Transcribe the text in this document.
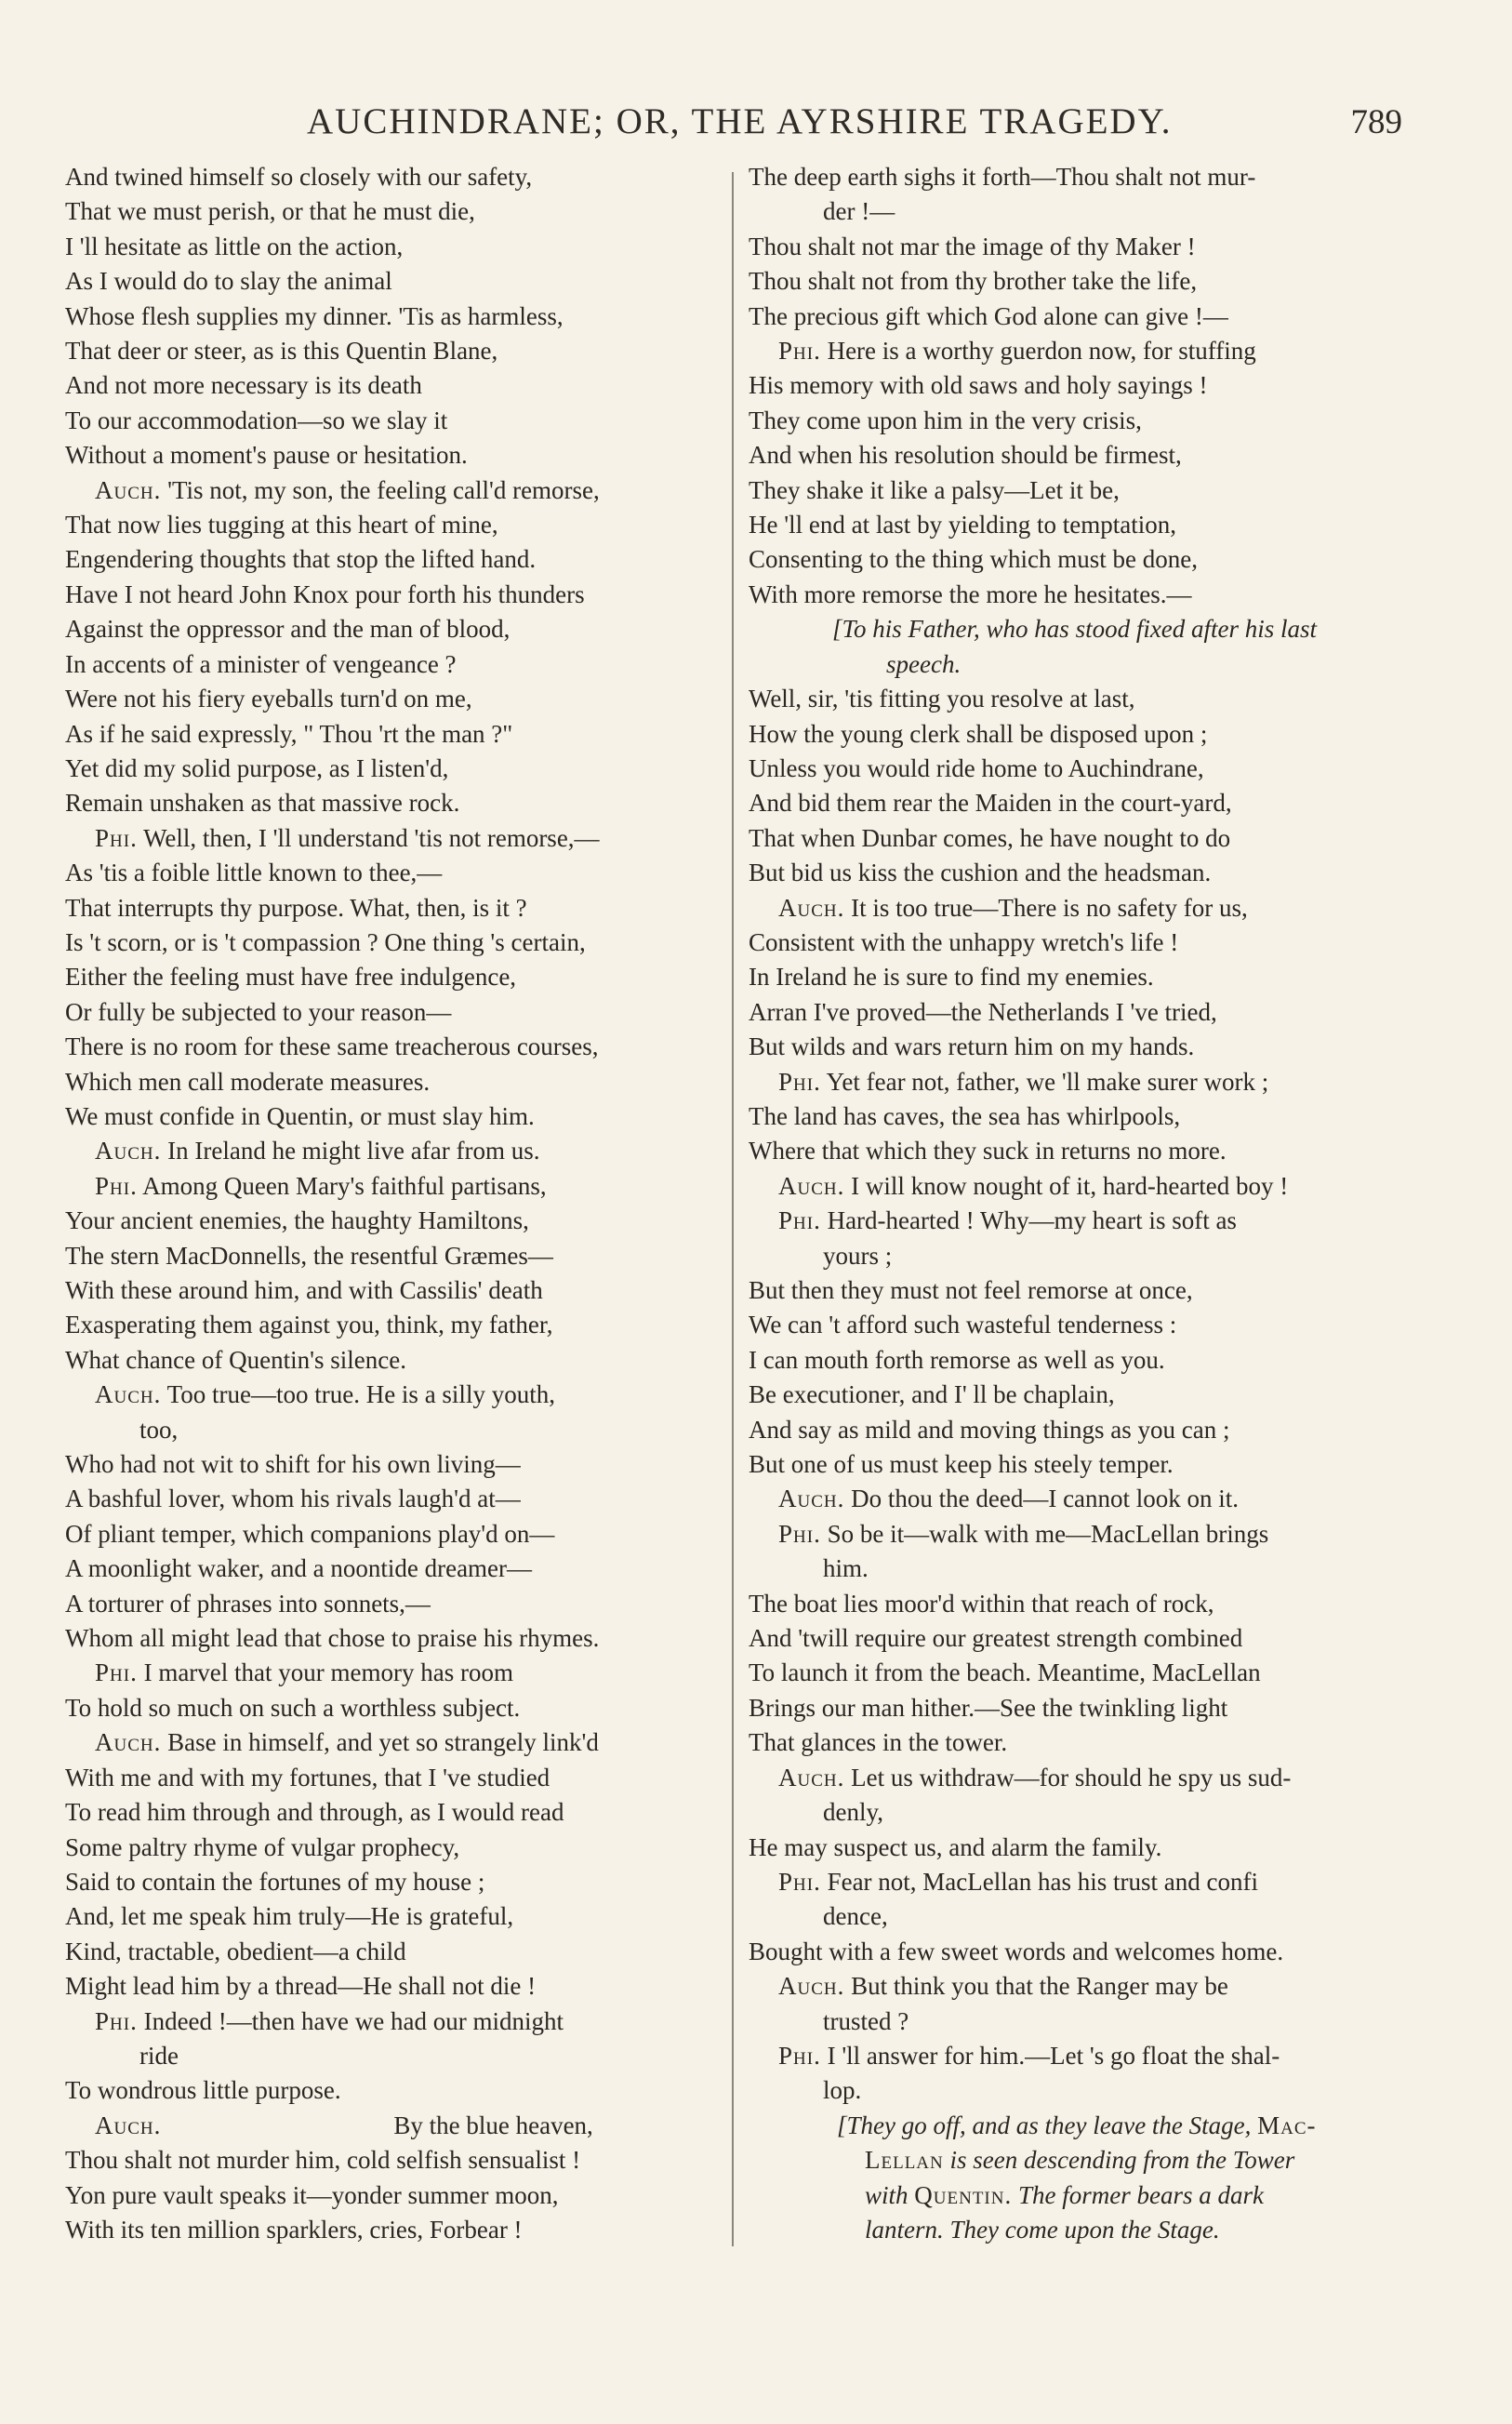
AUCHINDRANE; OR, THE AYRSHIRE TRAGEDY.	789
And twined himself so closely with our safety,
That we must perish, or that he must die,
I 'll hesitate as little on the action,
As I would do to slay the animal
Whose flesh supplies my dinner. 'Tis as harmless,
That deer or steer, as is this Quentin Blane,
And not more necessary is its death
To our accommodation—so we slay it
Without a moment's pause or hesitation.
Auch. 'Tis not, my son, the feeling call'd remorse,
That now lies tugging at this heart of mine,
Engendering thoughts that stop the lifted hand.
Have I not heard John Knox pour forth his thunders
Against the oppressor and the man of blood,
In accents of a minister of vengeance ?
Were not his fiery eyeballs turn'd on me,
As if he said expressly, " Thou 'rt the man ?"
Yet did my solid purpose, as I listen'd,
Remain unshaken as that massive rock.
Phi. Well, then, I 'll understand 'tis not remorse,—
As 'tis a foible little known to thee,—
That interrupts thy purpose. What, then, is it ?
Is 't scorn, or is 't compassion ? One thing 's certain,
Either the feeling must have free indulgence,
Or fully be subjected to your reason—
There is no room for these same treacherous courses,
Which men call moderate measures.
We must confide in Quentin, or must slay him.
Auch. In Ireland he might live afar from us.
Phi. Among Queen Mary's faithful partisans,
Your ancient enemies, the haughty Hamiltons,
The stern MacDonnells, the resentful Græmes—
With these around him, and with Cassilis' death
Exasperating them against you, think, my father,
What chance of Quentin's silence.
Auch. Too true—too true. He is a silly youth,
too,
Who had not wit to shift for his own living—
A bashful lover, whom his rivals laugh'd at—
Of pliant temper, which companions play'd on—
A moonlight waker, and a noontide dreamer—
A torturer of phrases into sonnets,—
Whom all might lead that chose to praise his rhymes.
Phi. I marvel that your memory has room
To hold so much on such a worthless subject.
Auch. Base in himself, and yet so strangely link'd
With me and with my fortunes, that I 've studied
To read him through and through, as I would read
Some paltry rhyme of vulgar prophecy,
Said to contain the fortunes of my house ;
And, let me speak him truly—He is grateful,
Kind, tractable, obedient—a child
Might lead him by a thread—He shall not die !
Phi. Indeed !—then have we had our midnight
ride
To wondrous little purpose.
Auch.	By the blue heaven,
Thou shalt not murder him, cold selfish sensualist !
Yon pure vault speaks it—yonder summer moon,
With its ten million sparklers, cries, Forbear !
The deep earth sighs it forth—Thou shalt not mur-
der !—
Thou shalt not mar the image of thy Maker !
Thou shalt not from thy brother take the life,
The precious gift which God alone can give !—
Phi. Here is a worthy guerdon now, for stuffing
His memory with old saws and holy sayings !
They come upon him in the very crisis,
And when his resolution should be firmest,
They shake it like a palsy—Let it be,
He 'll end at last by yielding to temptation,
Consenting to the thing which must be done,
With more remorse the more he hesitates.—
[To his Father, who has stood fixed after his last
speech.
Well, sir, 'tis fitting you resolve at last,
How the young clerk shall be disposed upon ;
Unless you would ride home to Auchindrane,
And bid them rear the Maiden in the court-yard,
That when Dunbar comes, he have nought to do
But bid us kiss the cushion and the headsman.
Auch. It is too true—There is no safety for us,
Consistent with the unhappy wretch's life !
In Ireland he is sure to find my enemies.
Arran I've proved—the Netherlands I 've tried,
But wilds and wars return him on my hands.
Phi. Yet fear not, father, we 'll make surer work ;
The land has caves, the sea has whirlpools,
Where that which they suck in returns no more.
Auch. I will know nought of it, hard-hearted boy !
Phi. Hard-hearted ! Why—my heart is soft as
yours ;
But then they must not feel remorse at once,
We can 't afford such wasteful tenderness :
I can mouth forth remorse as well as you.
Be executioner, and I' ll be chaplain,
And say as mild and moving things as you can ;
But one of us must keep his steely temper.
Auch. Do thou the deed—I cannot look on it.
Phi. So be it—walk with me—MacLellan brings
him.
The boat lies moor'd within that reach of rock,
And 'twill require our greatest strength combined
To launch it from the beach. Meantime, MacLellan
Brings our man hither.—See the twinkling light
That glances in the tower.
Auch. Let us withdraw—for should he spy us sud-
denly,
He may suspect us, and alarm the family.
Phi. Fear not, MacLellan has his trust and confi
dence,
Bought with a few sweet words and welcomes home.
Auch. But think you that the Ranger may be
trusted ?
Phi. I 'll answer for him.—Let 's go float the shal-
lop.
[They go off, and as they leave the Stage, Mac-
Lellan is seen descending from the Tower
with Quentin. The former bears a dark
lantern. They come upon the Stage.
